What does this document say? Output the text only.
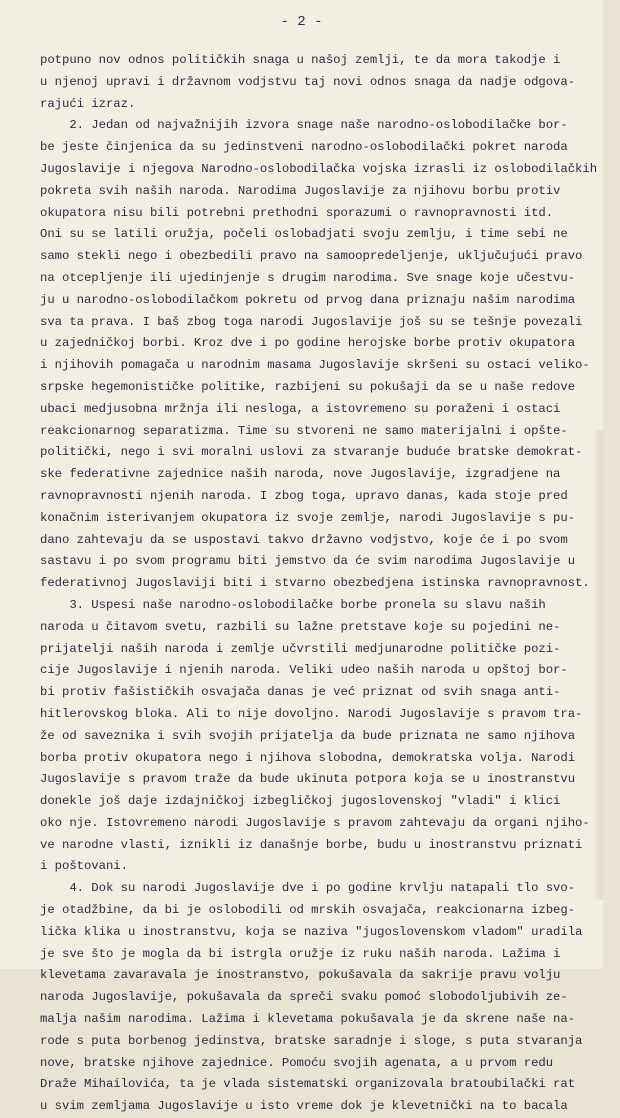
- 2 -
potpuno nov odnos političkih snaga u našoj zemlji, te da mora takodje i
u njenoj upravi i državnom vodjstvu taj novi odnos snaga da nadje odgova-
rajući izraz.
2. Jedan od najvažnijih izvora snage naše narodno-oslobodilačke bor-
be jeste činjenica da su jedinstveni narodno-oslobodilački pokret naroda
Jugoslavije i njegova Narodno-oslobodilačka vojska izrasli iz oslobodilačkih
pokreta svih naših naroda. Narodima Jugoslavije za njihovu borbu protiv
okupatora nisu bili potrebni prethodni sporazumi o ravnopravnosti itd.
Oni su se latili oružja, počeli oslobadjati svoju zemlju, i time sebi ne
samo stekli nego i obezbedili pravo na samoopredeljenje, uključujući pravo
na otcepljenje ili ujedinjenje s drugim narodima. Sve snage koje učestvu-
ju u narodno-oslobodilačkom pokretu od prvog dana priznaju našim narodima
sva ta prava. I baš zbog toga narodi Jugoslavije još su se tešnje povezali
u zajedničkoj borbi. Kroz dve i po godine herojske borbe protiv okupatora
i njihovih pomagača u narodnim masama Jugoslavije skršeni su ostaci veliko-
srpske hegemonističke politike, razbijeni su pokušaji da se u naše redove
ubaci medjusobna mržnja ili nesloga, a istovremeno su poraženi i ostaci
reakcionarnog separatizma. Time su stvoreni ne samo materijalni i opšte-
politički, nego i svi moralni uslovi za stvaranje buduće bratske demokrat-
ske federativne zajednice naših naroda, nove Jugoslavije, izgradjene na
ravnopravnosti njenih naroda. I zbog toga, upravo danas, kada stoje pred
konačnim isterivanjem okupatora iz svoje zemlje, narodi Jugoslavije s pu-
dano zahtevaju da se uspostavi takvo državno vodjstvo, koje će i po svom
sastavu i po svom programu biti jemstvo da će svim narodima Jugoslavije u
federativnoj Jugoslaviji biti i stvarno obezbedjena istinska ravnopravnost.
3. Uspesi naše narodno-oslobodilačke borbe pronela su slavu naših
naroda u čitavom svetu, razbili su lažne pretstave koje su pojedini ne-
prijatelji naših naroda i zemlje učvrstili medjunarodne političke pozi-
cije Jugoslavije i njenih naroda. Veliki udeo naših naroda u opštoj bor-
bi protiv fašističkih osvajača danas je već priznat od svih snaga anti-
hitlerovskog bloka. Ali to nije dovoljno. Narodi Jugoslavije s pravom tra-
že od saveznika i svih svojih prijatelja da bude priznata ne samo njihova
borba protiv okupatora nego i njihova slobodna, demokratska volja. Narodi
Jugoslavije s pravom traže da bude ukinuta potpora koja se u inostranstvu
donekle još daje izdajničkoj izbegličkoj jugoslovenskoj "vladi" i klici
oko nje. Istovremeno narodi Jugoslavije s pravom zahtevaju da organi njiho-
ve narodne vlasti, iznikli iz današnje borbe, budu u inostranstvu priznati
i poštovani.
4. Dok su narodi Jugoslavije dve i po godine krvlju natapali tlo svo-
je otadžbine, da bi je oslobodili od mrskih osvajača, reakcionarna izbeg-
lička klika u inostranstvu, koja se naziva "jugoslovenskom vladom" uradila
je sve što je mogla da bi istrgla oružje iz ruku naših naroda. Lažima i
klevetama zavaravala je inostranstvo, pokušavala da sakrije pravu volju
naroda Jugoslavije, pokušavala da spreči svaku pomoć slobodoljubivih ze-
malja našim narodima. Lažima i klevetama pokušavala je da skrene naše na-
rode s puta borbenog jedinstva, bratske saradnje i sloge, s puta stvaranja
nove, bratske njihove zajednice. Pomoću svojih agenata, a u prvom redu
Draže Mihailovića, ta je vlada sistematski organizovala bratoubilački rat
u svim zemljama Jugoslavije u isto vreme dok je klevetnički na to bacala
